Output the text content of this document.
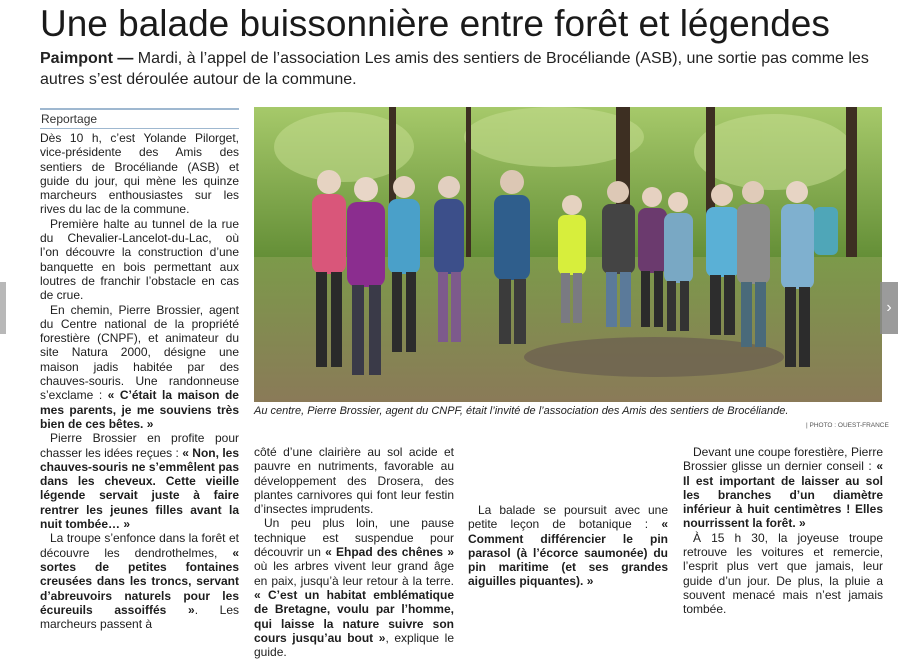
Une balade buissonnière entre forêt et légendes
Paimpont — Mardi, à l’appel de l’association Les amis des sentiers de Brocéliande (ASB), une sortie pas comme les autres s’est déroulée autour de la commune.
Reportage

Dès 10 h, c’est Yolande Pilorget, vice-présidente des Amis des sentiers de Brocéliande (ASB) et guide du jour, qui mène les quinze marcheurs enthousiastes sur les rives du lac de la commune.

Première halte au tunnel de la rue du Chevalier-Lancelot-du-Lac, où l’on découvre la construction d’une banquette en bois permettant aux loutres de franchir l’obstacle en cas de crue.

En chemin, Pierre Brossier, agent du Centre national de la propriété forestière (CNPF), et animateur du site Natura 2000, désigne une maison jadis habitée par des chauves-souris. Une randonneuse s’exclame : « C’était la maison de mes parents, je me souviens très bien de ces bêtes. »

Pierre Brossier en profite pour chasser les idées reçues : « Non, les chauves-souris ne s’emmêlent pas dans les cheveux. Cette vieille légende servait juste à faire rentrer les jeunes filles avant la nuit tombée… »

La troupe s’enfonce dans la forêt et découvre les dendrothelmes, « sortes de petites fontaines creusées dans les troncs, servant d’abreuvoirs naturels pour les écureuils assoiffés ». Les marcheurs passent à

Au centre, Pierre Brossier, agent du CNPF, était l’invité de l’association des Amis des sentiers de Brocéliande.
| PHOTO : OUEST-FRANCE

côté d’une clairière au sol acide et pauvre en nutriments, favorable au développement des Drosera, des plantes carnivores qui font leur festin d’insectes imprudents.

Un peu plus loin, une pause technique est suspendue pour découvrir un « Ehpad des chênes » où les arbres vivent leur grand âge en paix, jusqu’à leur retour à la terre. « C’est un habitat emblématique de Bretagne, voulu par l’homme, qui laisse la nature suivre son cours jusqu’au bout », explique le guide.

Devant une coupe forestière, Pierre Brossier glisse un dernier conseil : « Il est important de laisser au sol les branches d’un diamètre inférieur à huit centimètres ! Elles nourrissent la forêt. »

À 15 h 30, la joyeuse troupe retrouve les voitures et remercie, l’esprit plus vert que jamais, leur guide d’un jour. De plus, la pluie a souvent menacé mais n’est jamais tombée.

La balade se poursuit avec une petite leçon de botanique : « Comment différencier le pin parasol (à l’écorce saumonée) du pin maritime (et ses grandes aiguilles piquantes). »

›
